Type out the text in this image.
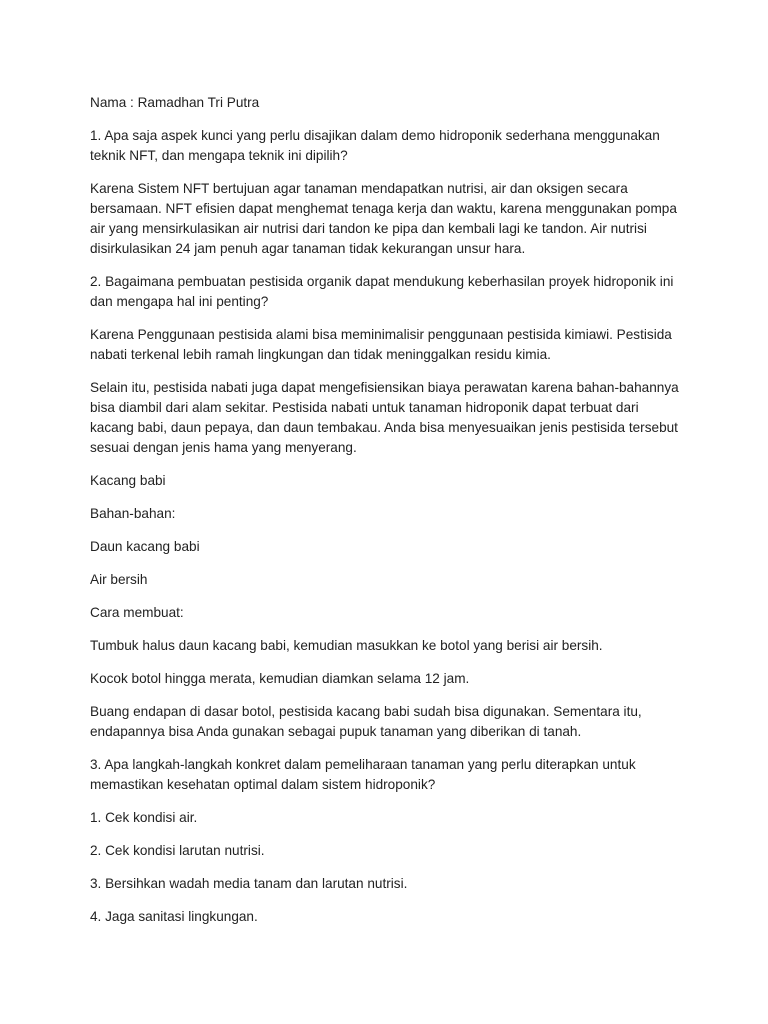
Nama : Ramadhan Tri Putra

1. Apa saja aspek kunci yang perlu disajikan dalam demo hidroponik sederhana menggunakan teknik NFT, dan mengapa teknik ini dipilih?

Karena Sistem NFT bertujuan agar tanaman mendapatkan nutrisi, air dan oksigen secara bersamaan. NFT efisien dapat menghemat tenaga kerja dan waktu, karena menggunakan pompa air yang mensirkulasikan air nutrisi dari tandon ke pipa dan kembali lagi ke tandon. Air nutrisi disirkulasikan 24 jam penuh agar tanaman tidak kekurangan unsur hara.

2. Bagaimana pembuatan pestisida organik dapat mendukung keberhasilan proyek hidroponik ini dan mengapa hal ini penting?

Karena Penggunaan pestisida alami bisa meminimalisir penggunaan pestisida kimiawi. Pestisida nabati terkenal lebih ramah lingkungan dan tidak meninggalkan residu kimia.

Selain itu, pestisida nabati juga dapat mengefisiensikan biaya perawatan karena bahan-bahannya bisa diambil dari alam sekitar. Pestisida nabati untuk tanaman hidroponik dapat terbuat dari kacang babi, daun pepaya, dan daun tembakau. Anda bisa menyesuaikan jenis pestisida tersebut sesuai dengan jenis hama yang menyerang.

Kacang babi

Bahan-bahan:

Daun kacang babi

Air bersih

Cara membuat:

Tumbuk halus daun kacang babi, kemudian masukkan ke botol yang berisi air bersih.

Kocok botol hingga merata, kemudian diamkan selama 12 jam.

Buang endapan di dasar botol, pestisida kacang babi sudah bisa digunakan. Sementara itu, endapannya bisa Anda gunakan sebagai pupuk tanaman yang diberikan di tanah.

3. Apa langkah-langkah konkret dalam pemeliharaan tanaman yang perlu diterapkan untuk memastikan kesehatan optimal dalam sistem hidroponik?

1. Cek kondisi air.

2. Cek kondisi larutan nutrisi.

3. Bersihkan wadah media tanam dan larutan nutrisi.

4. Jaga sanitasi lingkungan.
